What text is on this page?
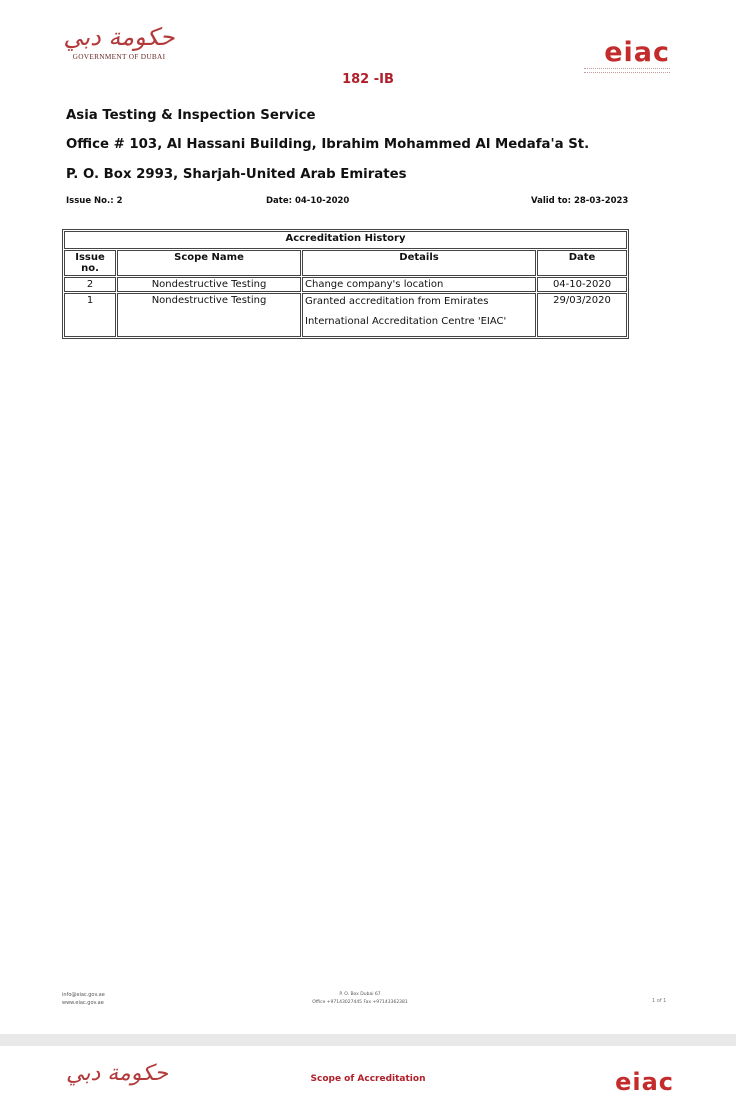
حكومة دبي
GOVERNMENT OF DUBAI	eiac
182 -IB
Asia Testing & Inspection Service
Office # 103, Al Hassani Building, Ibrahim Mohammed Al Medafa'a St.
P. O. Box 2993, Sharjah-United Arab Emirates
Issue No.: 2	Date: 04-10-2020	Valid to: 28-03-2023
Accreditation History			
Issue no.	Scope Name	Details	Date
2	Nondestructive Testing	Change company's location	04-10-2020
1	Nondestructive Testing	Granted accreditation from Emirates
International Accreditation Centre 'EIAC'	29/03/2020
info@eiac.gov.ae
www.eiac.gov.ae
P. O. Box Dubai 67
Office +97143027445 Fax +97143362381	1 of 1
حكومة دبي	Scope of Accreditation	eiac
